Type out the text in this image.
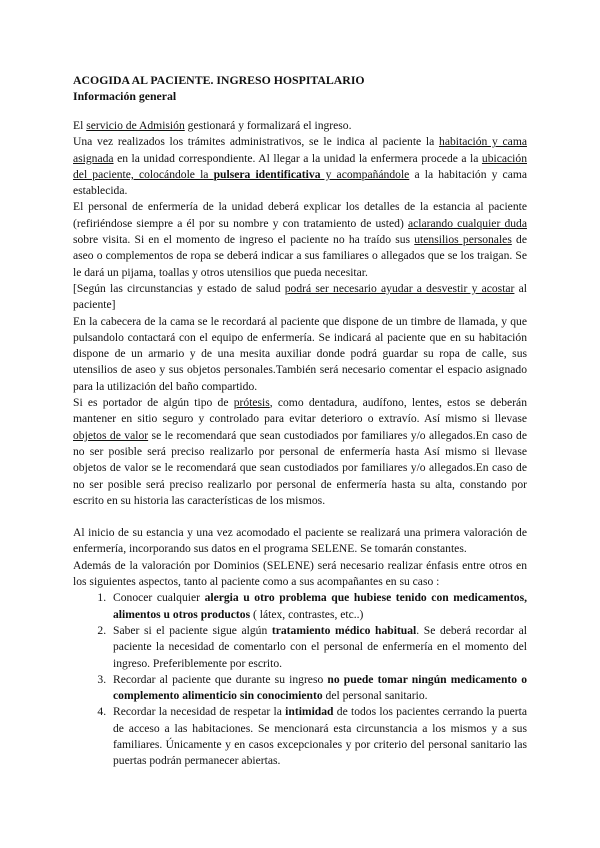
ACOGIDA AL PACIENTE. INGRESO HOSPITALARIO

Información general

El servicio de Admisión gestionará y formalizará el ingreso.

Una vez realizados los trámites administrativos, se le indica al paciente la habitación y cama asignada en la unidad correspondiente. Al llegar a la unidad la enfermera procede a la ubicación del paciente, colocándole la pulsera identificativa y acompañándole a la habitación y cama establecida.

El personal de enfermería de la unidad deberá explicar los detalles de la estancia al paciente (refiriéndose siempre a él por su nombre y con tratamiento de usted) aclarando cualquier duda sobre visita. Si en el momento de ingreso el paciente no ha traído sus utensilios personales de aseo o complementos de ropa se deberá indicar a sus familiares o allegados que se los traigan. Se le dará un pijama, toallas y otros utensilios que pueda necesitar.

[Según las circunstancias y estado de salud podrá ser necesario ayudar a desvestir y acostar al paciente]

En la cabecera de la cama se le recordará al paciente que dispone de un timbre de llamada, y que pulsandolo contactará con el equipo de enfermería. Se indicará al paciente que en su habitación dispone de un armario y de una mesita auxiliar donde podrá guardar su ropa de calle, sus utensilios de aseo y sus objetos personales.También será necesario comentar el espacio asignado para la utilización del baño compartido.

Si es portador de algún tipo de prótesis, como dentadura, audífono, lentes, estos se deberán mantener en sitio seguro y controlado para evitar deterioro o extravío. Así mismo si llevase objetos de valor se le recomendará que sean custodiados por familiares y/o allegados.En caso de no ser posible será preciso realizarlo por personal de enfermería hasta Así mismo si llevase objetos de valor se le recomendará que sean custodiados por familiares y/o allegados.En caso de no ser posible será preciso realizarlo por personal de enfermería hasta su alta, constando por escrito en su historia las características de los mismos.

Al inicio de su estancia y una vez acomodado el paciente se realizará una primera valoración de enfermería, incorporando sus datos en el programa SELENE. Se tomarán constantes.

Además de la valoración por Dominios (SELENE) será necesario realizar énfasis entre otros en los siguientes aspectos, tanto al paciente como a sus acompañantes en su caso :

1. Conocer cualquier alergia u otro problema que hubiese tenido con medicamentos, alimentos u otros productos ( látex, contrastes, etc..)
2. Saber si el paciente sigue algún tratamiento médico habitual. Se deberá recordar al paciente la necesidad de comentarlo con el personal de enfermería en el momento del ingreso. Preferiblemente por escrito.
3. Recordar al paciente que durante su ingreso no puede tomar ningún medicamento o complemento alimenticio sin conocimiento del personal sanitario.
4. Recordar la necesidad de respetar la intimidad de todos los pacientes cerrando la puerta de acceso a las habitaciones. Se mencionará esta circunstancia a los mismos y a sus familiares. Únicamente y en casos excepcionales y por criterio del personal sanitario las puertas podrán permanecer abiertas.
